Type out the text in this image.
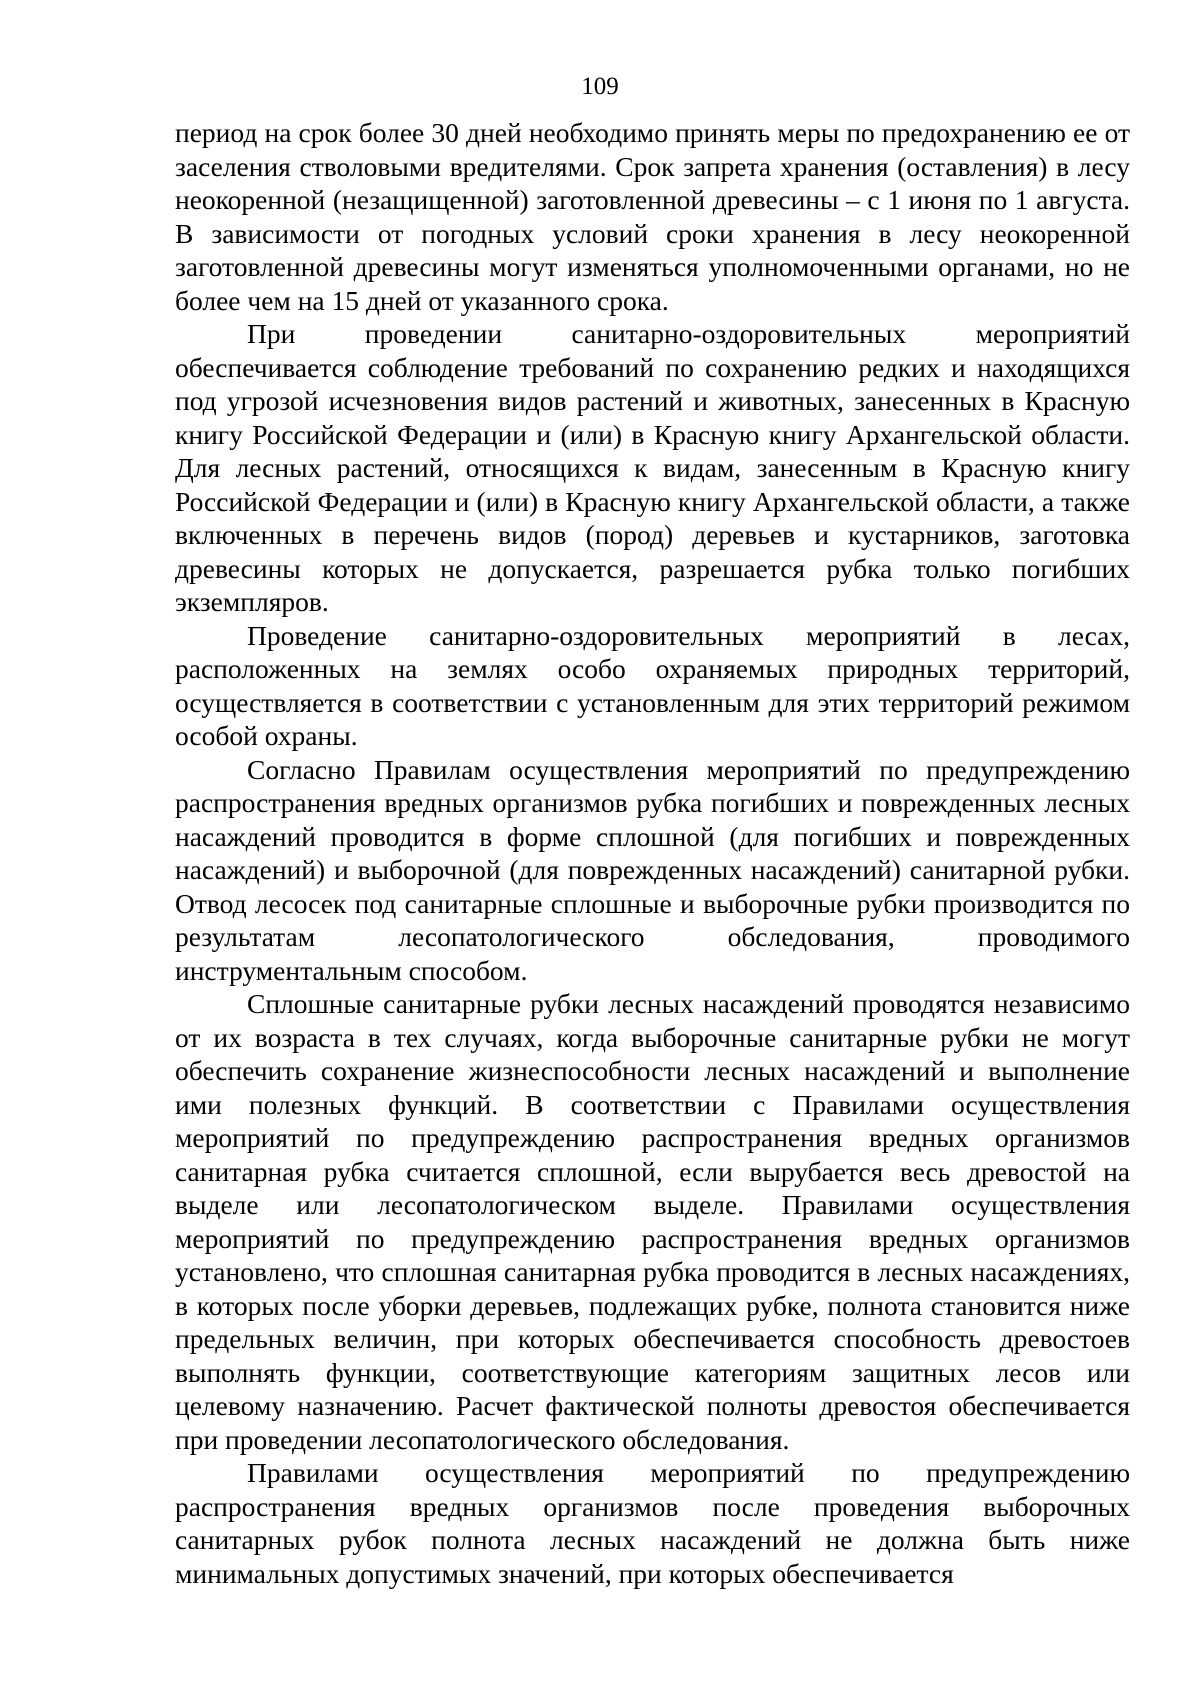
109

период на срок более 30 дней необходимо принять меры по предохранению ее от заселения стволовыми вредителями. Срок запрета хранения (оставления) в лесу неокоренной (незащищенной) заготовленной древесины – с 1 июня по 1 августа. В зависимости от погодных условий сроки хранения в лесу неокоренной заготовленной древесины могут изменяться уполномоченными органами, но не более чем на 15 дней от указанного срока.

При проведении санитарно-оздоровительных мероприятий обеспечивается соблюдение требований по сохранению редких и находящихся под угрозой исчезновения видов растений и животных, занесенных в Красную книгу Российской Федерации и (или) в Красную книгу Архангельской области. Для лесных растений, относящихся к видам, занесенным в Красную книгу Российской Федерации и (или) в Красную книгу Архангельской области, а также включенных в перечень видов (пород) деревьев и кустарников, заготовка древесины которых не допускается, разрешается рубка только погибших экземпляров.

Проведение санитарно-оздоровительных мероприятий в лесах, расположенных на землях особо охраняемых природных территорий, осуществляется в соответствии с установленным для этих территорий режимом особой охраны.

Согласно Правилам осуществления мероприятий по предупреждению распространения вредных организмов рубка погибших и поврежденных лесных насаждений проводится в форме сплошной (для погибших и поврежденных насаждений) и выборочной (для поврежденных насаждений) санитарной рубки. Отвод лесосек под санитарные сплошные и выборочные рубки производится по результатам лесопатологического обследования, проводимого инструментальным способом.

Сплошные санитарные рубки лесных насаждений проводятся независимо от их возраста в тех случаях, когда выборочные санитарные рубки не могут обеспечить сохранение жизнеспособности лесных насаждений и выполнение ими полезных функций. В соответствии с Правилами осуществления мероприятий по предупреждению распространения вредных организмов санитарная рубка считается сплошной, если вырубается весь древостой на выделе или лесопатологическом выделе. Правилами осуществления мероприятий по предупреждению распространения вредных организмов установлено, что сплошная санитарная рубка проводится в лесных насаждениях, в которых после уборки деревьев, подлежащих рубке, полнота становится ниже предельных величин, при которых обеспечивается способность древостоев выполнять функции, соответствующие категориям защитных лесов или целевому назначению. Расчет фактической полноты древостоя обеспечивается при проведении лесопатологического обследования.

Правилами осуществления мероприятий по предупреждению распространения вредных организмов после проведения выборочных санитарных рубок полнота лесных насаждений не должна быть ниже минимальных допустимых значений, при которых обеспечивается
